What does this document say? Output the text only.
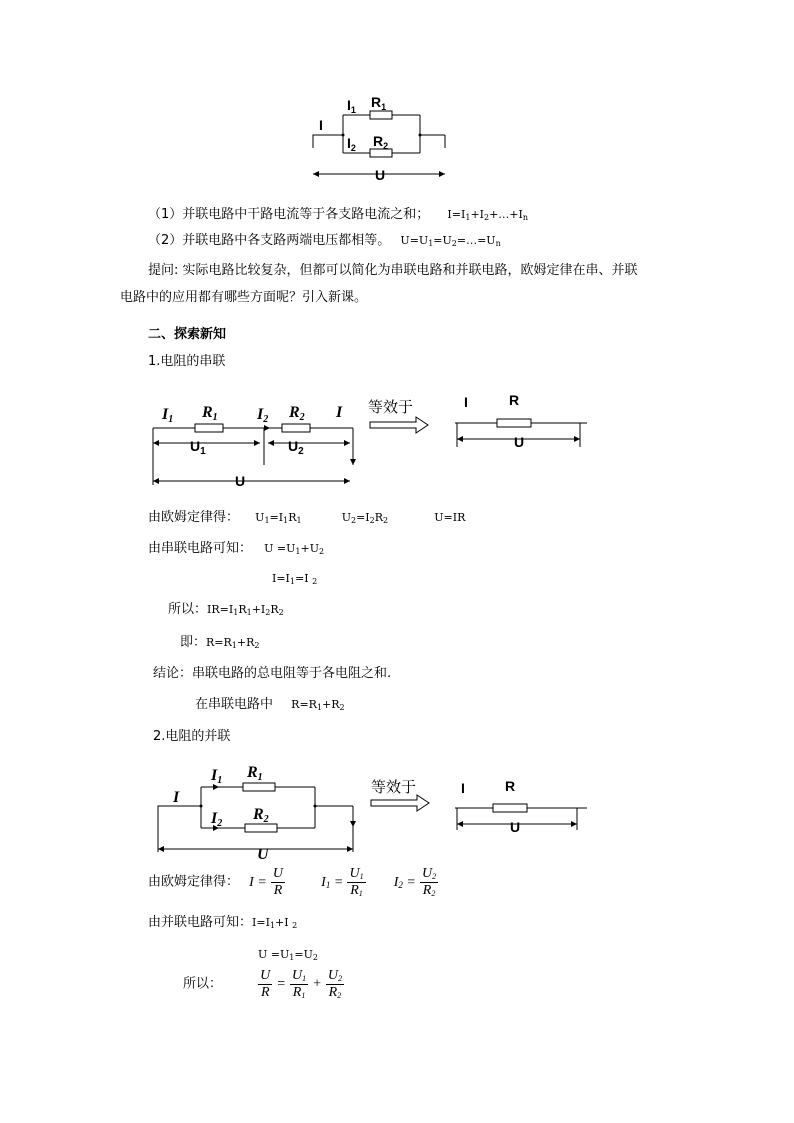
I
$I_1$ $R_1$
$I_2$ $R_2$
U
（1）并联电路中干路电流等于各支路电流之和； $I=I_1+I_2+\dots+I_n$
（2）并联电路中各支路两端电压都相等。 $U=U_1=U_2=\dots=U_n$
提问: 实际电路比较复杂，但都可以简化为串联电路和并联电路，欧姆定律在串、并联
电路中的应用都有哪些方面呢？引入新课。
二、探索新知
1.电阻的串联
I1 R1 I2 R2 I
$U_1$	$U_2$
U
等效于	I	R
U
由欧姆定律得： $U_1=I_1R_1$	$U_2=I_2R_2$	U=IR
由串联电路可知： $U =U_1+U_2$
$I=I_1=I$ $_2$
所以：$IR=I_1R_1+I_2R_2$
即：$R=R_1+R_2$
结论：串联电路的总电阻等于各电阻之和.
在串联电路中 $R=R_1+R_2$
2.电阻的并联
I
I1 R1
I2
R2
U
等效于	I	R
U
由欧姆定律得： $I = \frac{U}{R}$	$I_1 = \frac{U_1}{R_1} I_2 = \frac{U_2}{R_2}$
由并联电路可知：$I=I_1+I$ $_2$
$U =U_1=U_2$
所以：	$\frac{U}{R} = \frac{U_1}{R_1} + \frac{U_2}{R_2}$
